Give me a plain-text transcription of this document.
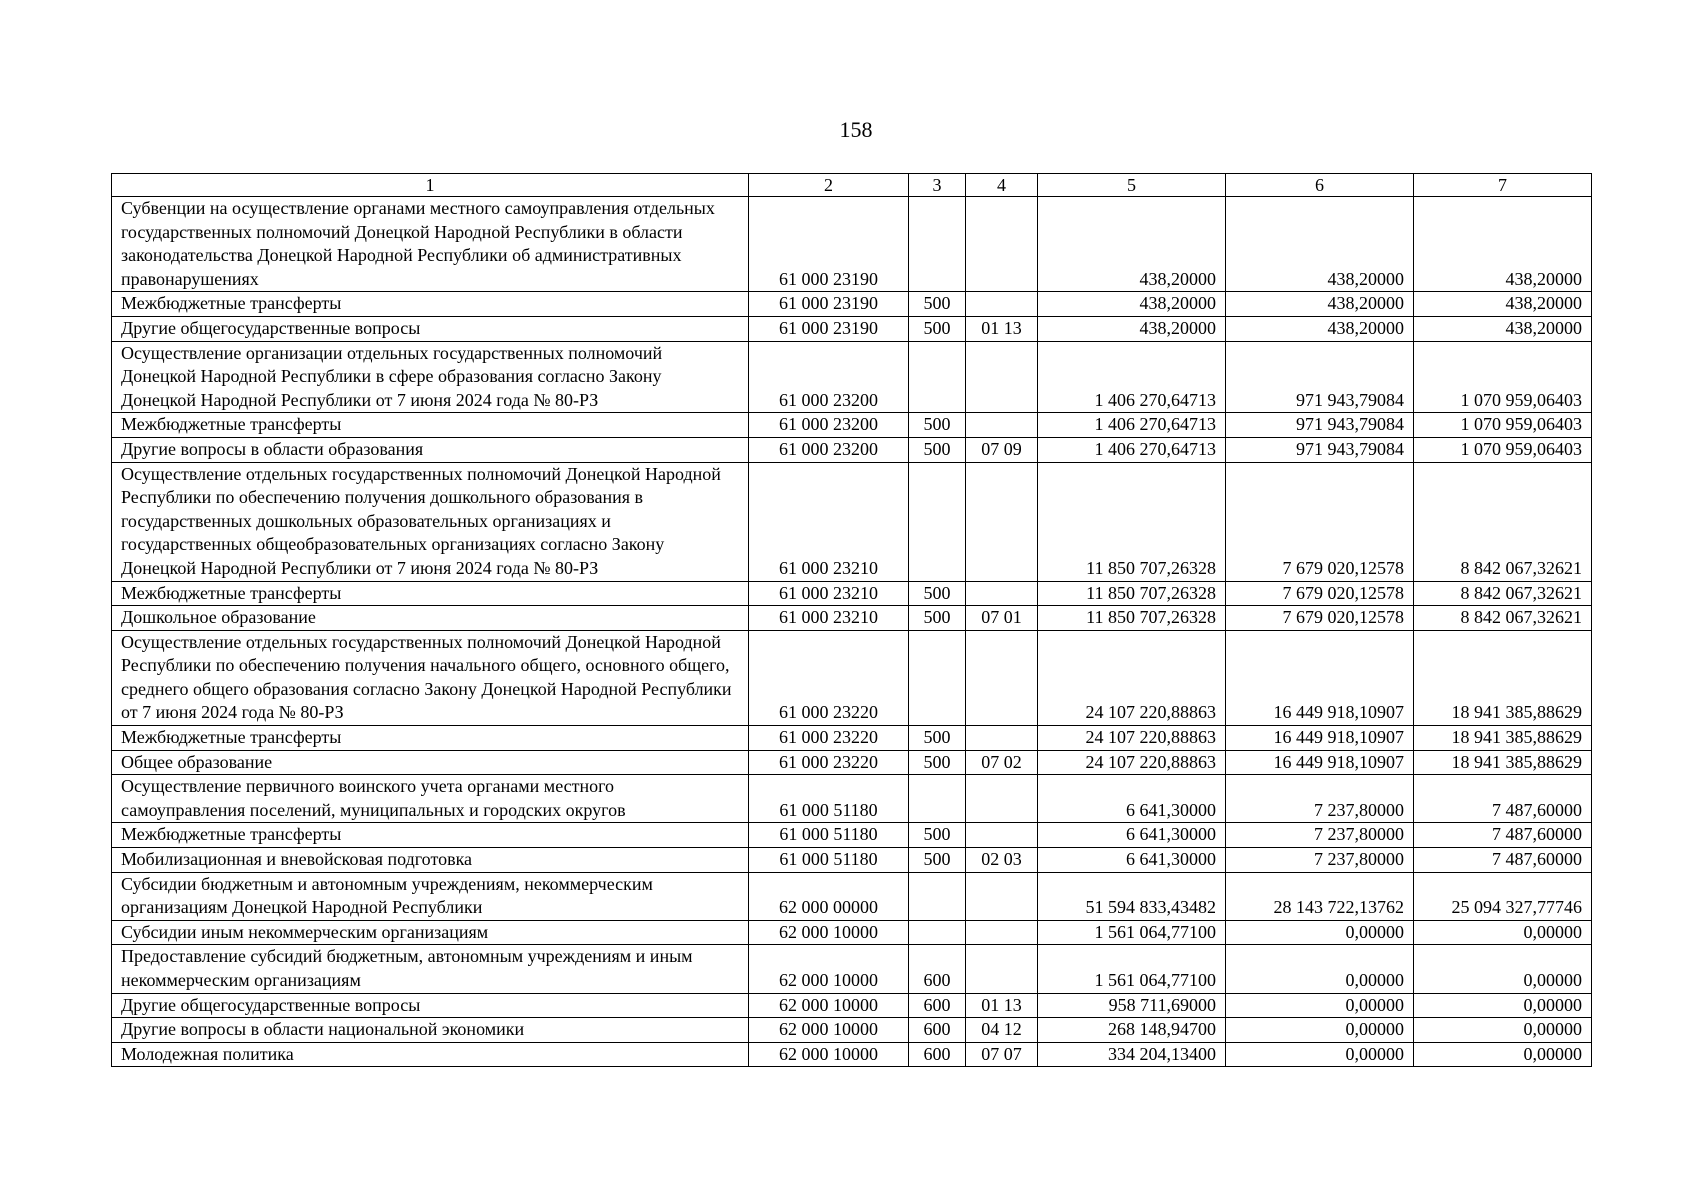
158
1	2	3	4	5	6	7
Субвенции на осуществление органами местного самоуправления отдельных государственных полномочий Донецкой Народной Республики в области законодательства Донецкой Народной Республики об административных правонарушениях	61 000 23190			438,20000	438,20000	438,20000
Межбюджетные трансферты	61 000 23190	500		438,20000	438,20000	438,20000
Другие общегосударственные вопросы	61 000 23190	500	01 13	438,20000	438,20000	438,20000
Осуществление организации отдельных государственных полномочий Донецкой Народной Республики в сфере образования согласно Закону Донецкой Народной Республики от 7 июня 2024 года № 80-РЗ	61 000 23200			1 406 270,64713	971 943,79084	1 070 959,06403
Межбюджетные трансферты	61 000 23200	500		1 406 270,64713	971 943,79084	1 070 959,06403
Другие вопросы в области образования	61 000 23200	500	07 09	1 406 270,64713	971 943,79084	1 070 959,06403
Осуществление отдельных государственных полномочий Донецкой Народной Республики по обеспечению получения дошкольного образования в государственных дошкольных образовательных организациях и государственных общеобразовательных организациях согласно Закону Донецкой Народной Республики от 7 июня 2024 года № 80-РЗ	61 000 23210			11 850 707,26328	7 679 020,12578	8 842 067,32621
Межбюджетные трансферты	61 000 23210	500		11 850 707,26328	7 679 020,12578	8 842 067,32621
Дошкольное образование	61 000 23210	500	07 01	11 850 707,26328	7 679 020,12578	8 842 067,32621
Осуществление отдельных государственных полномочий Донецкой Народной Республики по обеспечению получения начального общего, основного общего, среднего общего образования согласно Закону Донецкой Народной Республики от 7 июня 2024 года № 80-РЗ	61 000 23220			24 107 220,88863	16 449 918,10907	18 941 385,88629
Межбюджетные трансферты	61 000 23220	500		24 107 220,88863	16 449 918,10907	18 941 385,88629
Общее образование	61 000 23220	500	07 02	24 107 220,88863	16 449 918,10907	18 941 385,88629
Осуществление первичного воинского учета органами местного самоуправления поселений, муниципальных и городских округов	61 000 51180			6 641,30000	7 237,80000	7 487,60000
Межбюджетные трансферты	61 000 51180	500		6 641,30000	7 237,80000	7 487,60000
Мобилизационная и вневойсковая подготовка	61 000 51180	500	02 03	6 641,30000	7 237,80000	7 487,60000
Субсидии бюджетным и автономным учреждениям, некоммерческим организациям Донецкой Народной Республики	62 000 00000			51 594 833,43482	28 143 722,13762	25 094 327,77746
Субсидии иным некоммерческим организациям	62 000 10000			1 561 064,77100	0,00000	0,00000
Предоставление субсидий бюджетным, автономным учреждениям и иным некоммерческим организациям	62 000 10000	600		1 561 064,77100	0,00000	0,00000
Другие общегосударственные вопросы	62 000 10000	600	01 13	958 711,69000	0,00000	0,00000
Другие вопросы в области национальной экономики	62 000 10000	600	04 12	268 148,94700	0,00000	0,00000
Молодежная политика	62 000 10000	600	07 07	334 204,13400	0,00000	0,00000
